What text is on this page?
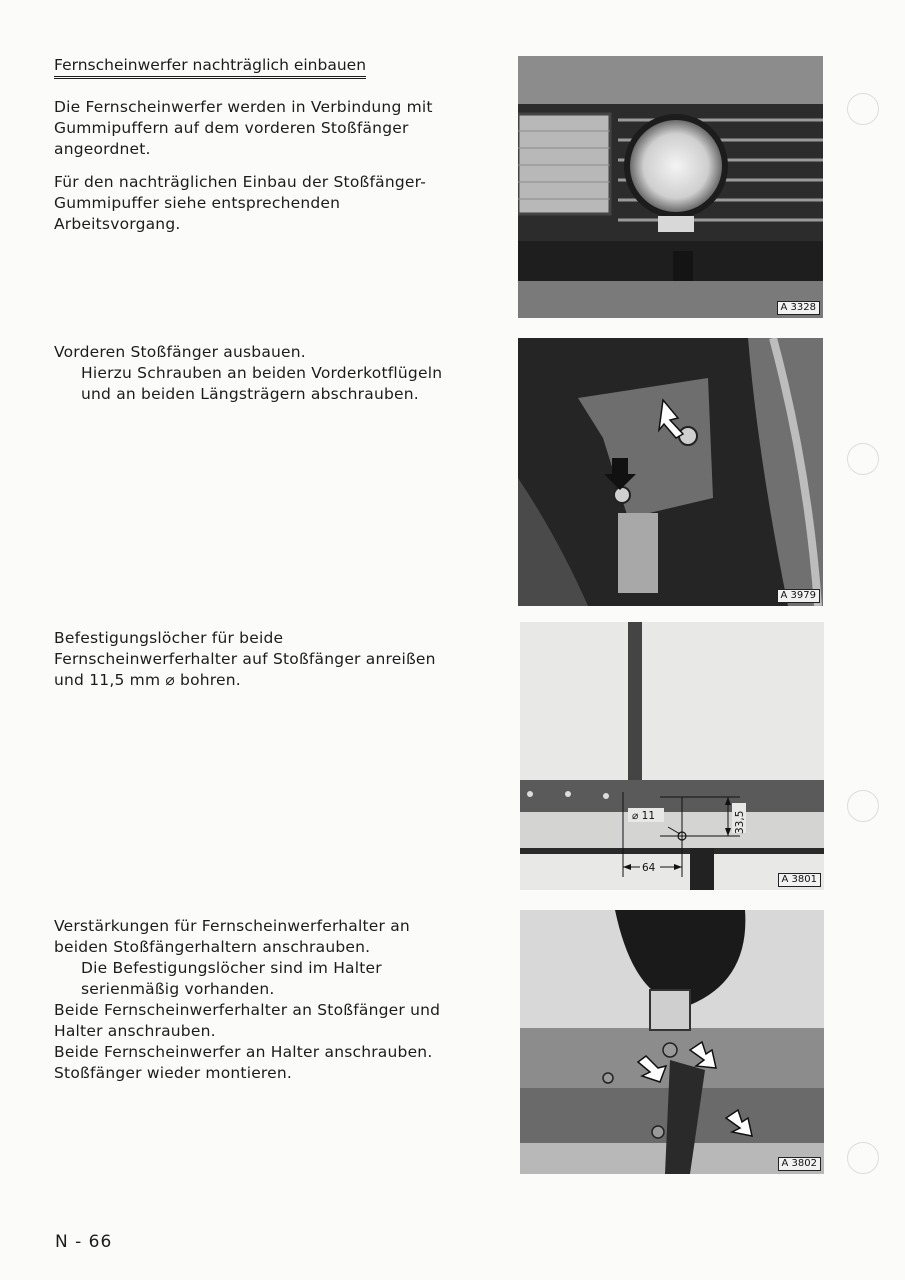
Fernscheinwerfer nachträglich einbauen

Die Fernscheinwerfer werden in Verbindung mit Gummipuffern auf dem vorderen Stoßfänger angeordnet.

Für den nachträglichen Einbau der Stoßfänger-Gummipuffer siehe entsprechenden Arbeitsvorgang.

Vorderen Stoßfänger ausbauen.

Hierzu Schrauben an beiden Vorderkotflügeln und an beiden Längsträgern abschrauben.

Befestigungslöcher für beide Fernscheinwerferhalter auf Stoßfänger anreißen und 11,5 mm ⌀ bohren.

Verstärkungen für Fernscheinwerferhalter an beiden Stoßfängerhaltern anschrauben.

Die Befestigungslöcher sind im Halter serienmäßig vorhanden.

Beide Fernscheinwerferhalter an Stoßfänger und Halter anschrauben.

Beide Fernscheinwerfer an Halter anschrauben.

Stoßfänger wieder montieren.

A 3328
A 3979
⌀ 11	33,5
64
A 3801
A 3802
N - 66
